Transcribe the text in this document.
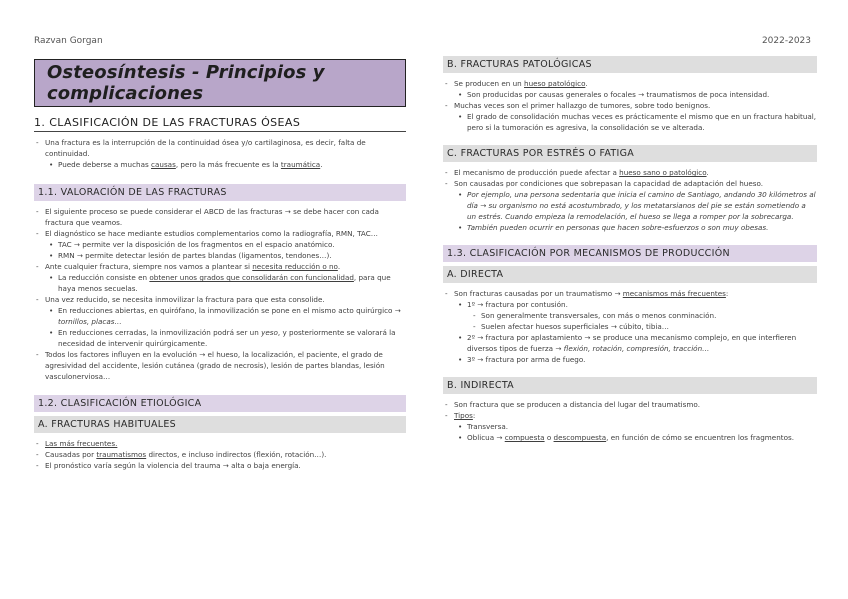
Razvan Gorgan	2022-2023
Osteosíntesis - Principios y complicaciones
1. CLASIFICACIÓN DE LAS FRACTURAS ÓSEAS
- Una fractura es la interrupción de la continuidad ósea y/o cartilaginosa, es decir, falta de continuidad.
• Puede deberse a muchas causas, pero la más frecuente es la traumática.
1.1. VALORACIÓN DE LAS FRACTURAS
- El siguiente proceso se puede considerar el ABCD de las fracturas → se debe hacer con cada fractura que veamos.
- El diagnóstico se hace mediante estudios complementarios como la radiografía, RMN, TAC…
• TAC → permite ver la disposición de los fragmentos en el espacio anatómico.
• RMN → permite detectar lesión de partes blandas (ligamentos, tendones…).
- Ante cualquier fractura, siempre nos vamos a plantear si necesita reducción o no.
• La reducción consiste en obtener unos grados que consolidarán con funcionalidad, para que haya menos secuelas.
- Una vez reducido, se necesita inmovilizar la fractura para que esta consolide.
• En reducciones abiertas, en quirófano, la inmovilización se pone en el mismo acto quirúrgico → tornillos, placas…
• En reducciones cerradas, la inmovilización podrá ser un yeso, y posteriormente se valorará la necesidad de intervenir quirúrgicamente.
- Todos los factores influyen en la evolución → el hueso, la localización, el paciente, el grado de agresividad del accidente, lesión cutánea (grado de necrosis), lesión de partes blandas, lesión vasculonerviosa…
1.2. CLASIFICACIÓN ETIOLÓGICA
A. FRACTURAS HABITUALES
- Las más frecuentes.
- Causadas por traumatismos directos, e incluso indirectos (flexión, rotación…).
- El pronóstico varía según la violencia del trauma → alta o baja energía.
B. FRACTURAS PATOLÓGICAS
- Se producen en un hueso patológico.
• Son producidas por causas generales o focales → traumatismos de poca intensidad.
- Muchas veces son el primer hallazgo de tumores, sobre todo benignos.
• El grado de consolidación muchas veces es prácticamente el mismo que en un fractura habitual, pero si la tumoración es agresiva, la consolidación se ve alterada.
C. FRACTURAS POR ESTRÉS O FATIGA
- El mecanismo de producción puede afectar a hueso sano o patológico.
- Son causadas por condiciones que sobrepasan la capacidad de adaptación del hueso.
• Por ejemplo, una persona sedentaria que inicia el camino de Santiago, andando 30 kilómetros al día → su organismo no está acostumbrado, y los metatarsianos del pie se están sometiendo a un estrés. Cuando empieza la remodelación, el hueso se llega a romper por la sobrecarga.
• También pueden ocurrir en personas que hacen sobre-esfuerzos o son muy obesas.
1.3. CLASIFICACIÓN POR MECANISMOS DE PRODUCCIÓN
A. DIRECTA
- Son fracturas causadas por un traumatismo → mecanismos más frecuentes:
• 1º → fractura por contusión.
- Son generalmente transversales, con más o menos conminación.
- Suelen afectar huesos superficiales → cúbito, tibia…
• 2º → fractura por aplastamiento → se produce una mecanismo complejo, en que interfieren diversos tipos de fuerza → flexión, rotación, compresión, tracción…
• 3º → fractura por arma de fuego.
B. INDIRECTA
- Son fractura que se producen a distancia del lugar del traumatismo.
- Tipos:
• Transversa.
• Oblicua → compuesta o descompuesta, en función de cómo se encuentren los fragmentos.
